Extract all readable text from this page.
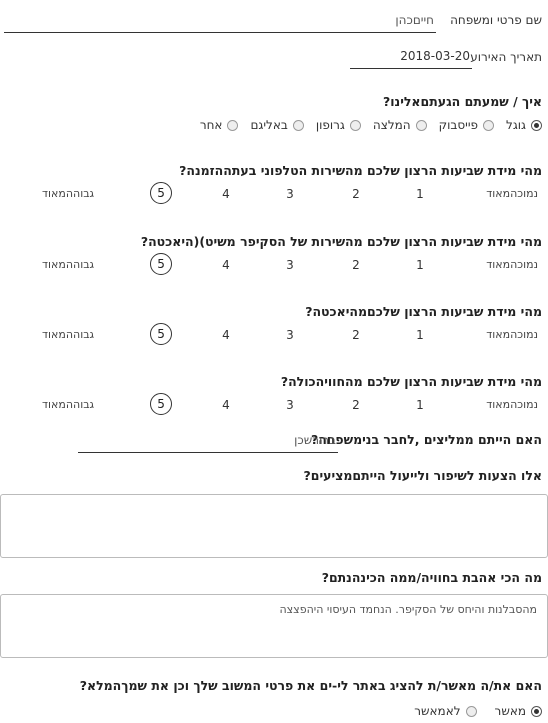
שם פרטי ומשפחה
חייםכהן
תאריך האירוע
2018-03-20
איך / שמעתם הגעתםאלינו?
גוגל
פייסבוק
המלצה
גרופון
באליגם
אחר
מהי מידת שביעות הרצון שלכם מהשירות הטלפוני בעתההזמנה?
נמוכהמאוד
1
2
3
4
5
גבוההמאוד
מהי מידת שביעות הרצון שלכם מהשירות של הסקיפר משיט)(היאכטה?
נמוכהמאוד
1
2
3
4
5
גבוההמאוד
מהי מידת שביעות הרצון שלכםמהיאכטה?
נמוכהמאוד
1
2
3
4
5
גבוההמאוד
מהי מידת שביעות הרצון שלכם מהחוויהכולה?
נמוכהמאוד
1
2
3
4
5
גבוההמאוד
האם הייתם ממליצים ,לחבר בנימשפחה?
ברורשכן
אלו הצעות לשיפור ולייעול הייתםמציעים?
מה הכי אהבת בחוויה/ממה הכינהנתם?
מהסבלנות והיחס של הסקיפר. הנחמד העיסוי היהפצצה
האם את/ה מאשר/ת להציג באתר לי-ים את פרטי המשוב שלך וכן את שמךהמלא?
מאשר
לאמאשר
